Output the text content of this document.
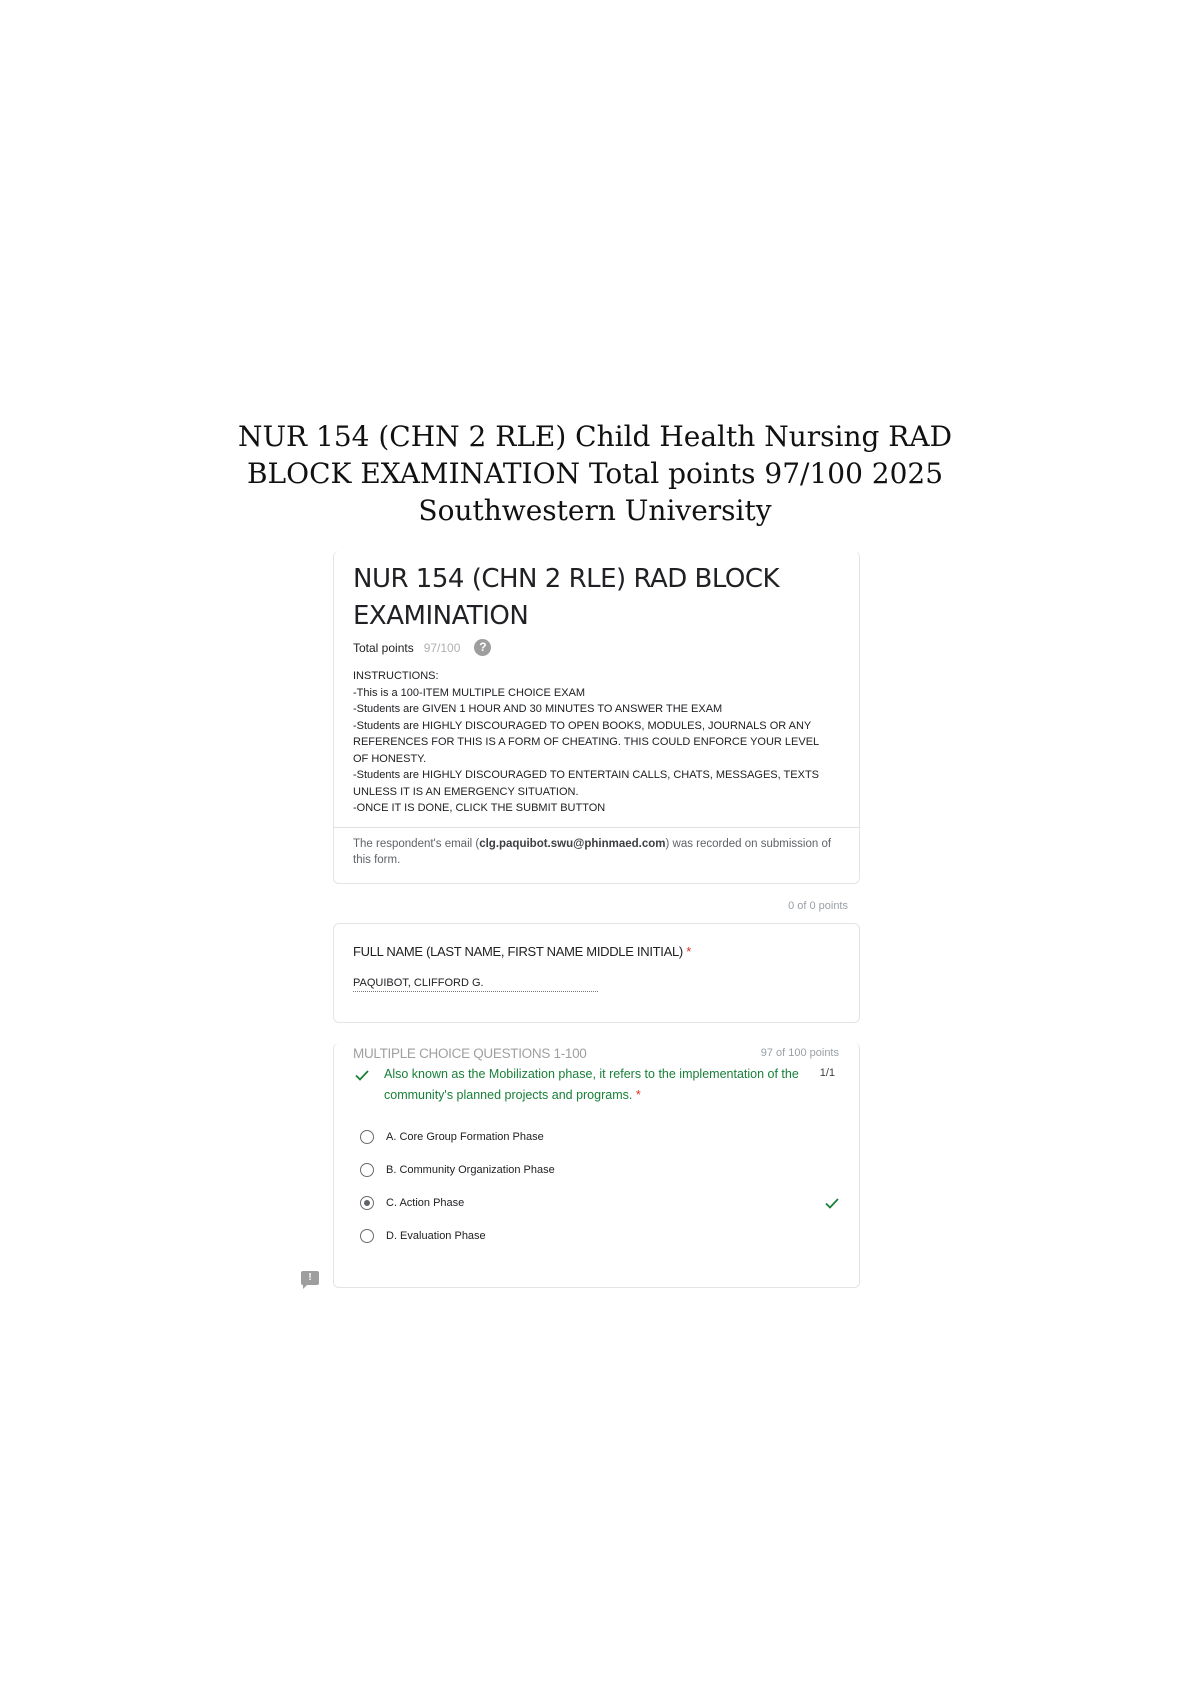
NUR 154 (CHN 2 RLE) Child Health Nursing RAD BLOCK EXAMINATION Total points 97/100 2025 Southwestern University
NUR 154 (CHN 2 RLE) RAD BLOCK EXAMINATION
Total points 97/100	?
INSTRUCTIONS:
-This is a 100-ITEM MULTIPLE CHOICE EXAM
-Students are GIVEN 1 HOUR AND 30 MINUTES TO ANSWER THE EXAM
-Students are HIGHLY DISCOURAGED TO OPEN BOOKS, MODULES, JOURNALS OR ANY REFERENCES FOR THIS IS A FORM OF CHEATING. THIS COULD ENFORCE YOUR LEVEL OF HONESTY.
-Students are HIGHLY DISCOURAGED TO ENTERTAIN CALLS, CHATS, MESSAGES, TEXTS UNLESS IT IS AN EMERGENCY SITUATION.
-ONCE IT IS DONE, CLICK THE SUBMIT BUTTON
The respondent's email (clg.paquibot.swu@phinmaed.com) was recorded on submission of this form.
0 of 0 points
FULL NAME (LAST NAME, FIRST NAME MIDDLE INITIAL) *
PAQUIBOT, CLIFFORD G.
MULTIPLE CHOICE QUESTIONS 1-100	97 of 100 points
Also known as the Mobilization phase, it refers to the implementation of the community's planned projects and programs. *
1/1
A. Core Group Formation Phase
B. Community Organization Phase
C. Action Phase
D. Evaluation Phase
!
